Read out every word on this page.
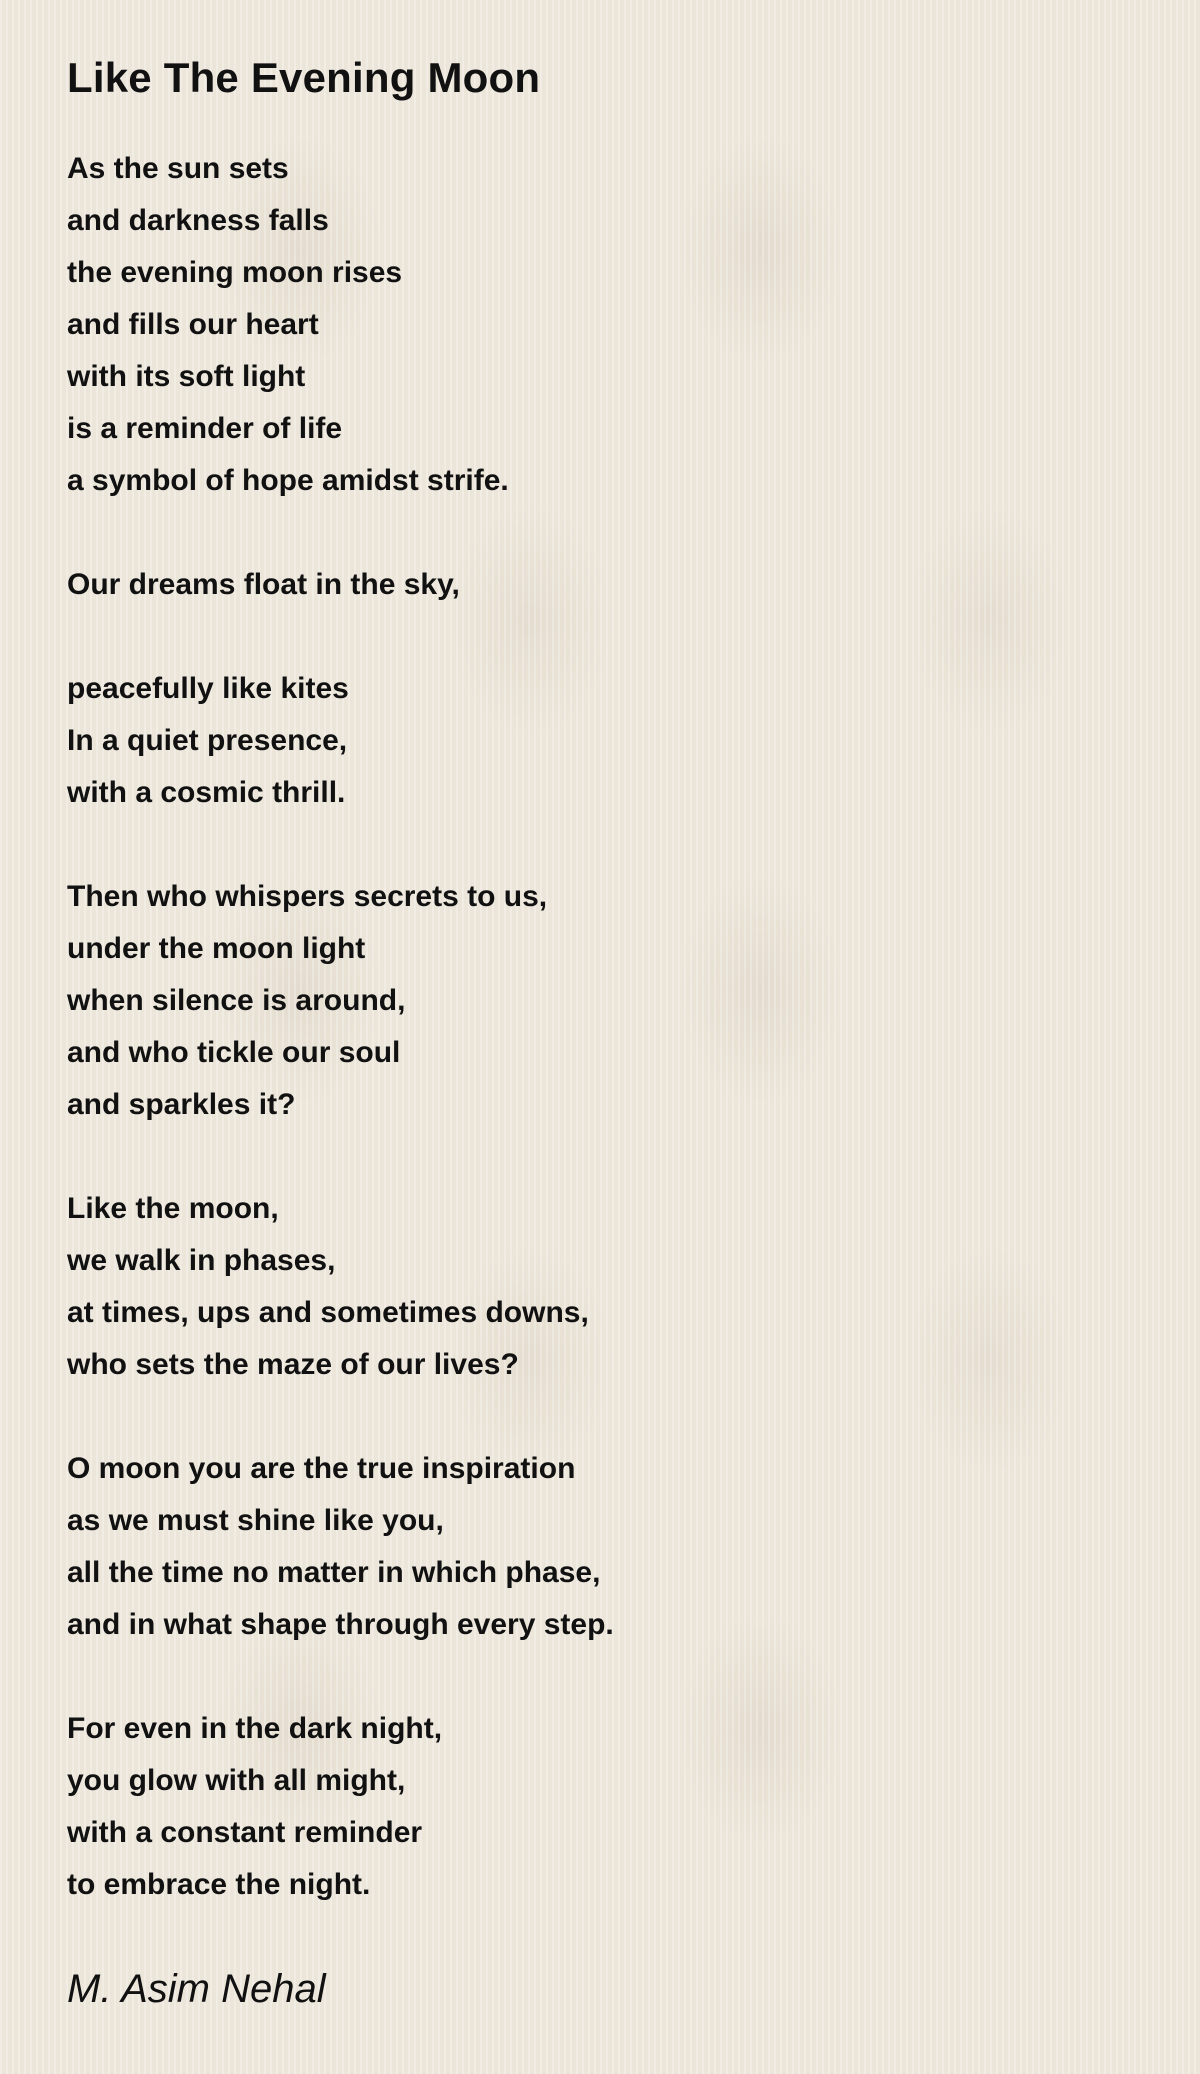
Like The Evening Moon
As the sun sets
and darkness falls
the evening moon rises
and fills our heart
with its soft light
is a reminder of life
a symbol of hope amidst strife.
Our dreams float in the sky,
peacefully like kites
In a quiet presence,
with a cosmic thrill.
Then who whispers secrets to us,
under the moon light
when silence is around,
and who tickle our soul
and sparkles it?
Like the moon,
we walk in phases,
at times, ups and sometimes downs,
who sets the maze of our lives?
O moon you are the true inspiration
as we must shine like you,
all the time no matter in which phase,
and in what shape through every step.
For even in the dark night,
you glow with all might,
with a constant reminder
to embrace the night.
M. Asim Nehal
